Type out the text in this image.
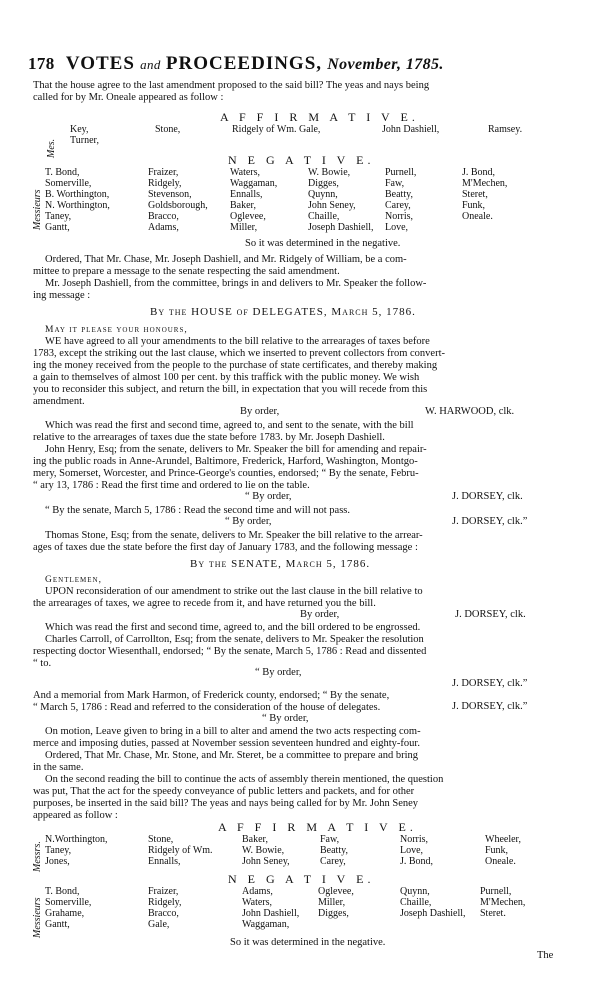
178 VOTES and PROCEEDINGS, November, 1785.
That the house agree to the last amendment proposed to the said bill? The yeas and nays being
called for by Mr. Oneale appeared as follow :
A F F I R M A T I V E.
Mes.
Key,	Stone,	Ridgely of Wm. Gale,	John Dashiell,	Ramsey.
Turner,
N E G A T I V E.
Messieurs
T. Bond,	Fraizer,	Waters,	W. Bowie,	Purnell,	J. Bond,
Somerville,	Ridgely,	Waggaman,	Digges,	Faw,	M'Mechen,
B. Worthington,	Stevenson,	Ennalls,	Quynn,	Beatty,	Steret,
N. Worthington,	Goldsborough, Baker,	John Seney,	Carey,	Funk,
Taney,	Bracco,	Oglevee,	Chaille,	Norris,	Oneale.
Gantt,	Adams,	Miller,	Joseph Dashiell, Love,
So it was determined in the negative.
Ordered, That Mr. Chase, Mr. Joseph Dashiell, and Mr. Ridgely of William, be a com-
mittee to prepare a message to the senate respecting the said amendment.
Mr. Joseph Dashiell, from the committee, brings in and delivers to Mr. Speaker the follow-
ing message :
By the HOUSE of DELEGATES, March 5, 1786.
May it please your honours,
WE have agreed to all your amendments to the bill relative to the arrearages of taxes before
1783, except the striking out the last clause, which we inserted to prevent collectors from convert-
ing the money received from the people to the purchase of state certificates, and thereby making
a gain to themselves of almost 100 per cent. by this traffick with the public money. We wish
you to reconsider this subject, and return the bill, in expectation that you will recede from this
amendment.
By order,	W. HARWOOD, clk.
Which was read the first and second time, agreed to, and sent to the senate, with the bill
relative to the arrearages of taxes due the state before 1783. by Mr. Joseph Dashiell.
John Henry, Esq; from the senate, delivers to Mr. Speaker the bill for amending and repair-
ing the public roads in Anne-Arundel, Baltimore, Frederick, Harford, Washington, Montgo-
mery, Somerset, Worcester, and Prince-George's counties, endorsed; “ By the senate, Febru-
“ ary 13, 1786 : Read the first time and ordered to lie on the table.
“ By order,	J. DORSEY, clk.
“ By the senate, March 5, 1786 : Read the second time and will not pass.
“ By order,	J. DORSEY, clk.”
Thomas Stone, Esq; from the senate, delivers to Mr. Speaker the bill relative to the arrear-
ages of taxes due the state before the first day of January 1783, and the following message :
By the SENATE, March 5, 1786.
Gentlemen,
UPON reconsideration of our amendment to strike out the last clause in the bill relative to
the arrearages of taxes, we agree to recede from it, and have returned you the bill.
By order,	J. DORSEY, clk.
Which was read the first and second time, agreed to, and the bill ordered to be engrossed.
Charles Carroll, of Carrollton, Esq; from the senate, delivers to Mr. Speaker the resolution
respecting doctor Wiesenthall, endorsed; “ By the senate, March 5, 1786 : Read and dissented
“ to.
“ By order,
J. DORSEY, clk.”
And a memorial from Mark Harmon, of Frederick county, endorsed; “ By the senate,
“ March 5, 1786 : Read and referred to the consideration of the house of delegates.	J. DORSEY, clk.”
“ By order,
On motion, Leave given to bring in a bill to alter and amend the two acts respecting com-
merce and imposing duties, passed at November session seventeen hundred and eighty-four.
Ordered, That Mr. Chase, Mr. Stone, and Mr. Steret, be a committee to prepare and bring
in the same.
On the second reading the bill to continue the acts of assembly therein mentioned, the question
was put, That the act for the speedy conveyance of public letters and packets, and for other
purposes, be inserted in the said bill? The yeas and nays being called for by Mr. John Seney
appeared as follow :
A F F I R M A T I V E.
Messrs.
N.Worthington,	Stone,	Baker,	Faw,	Norris,	Wheeler,
Taney,	Ridgely of Wm.	W. Bowie,	Beatty,	Love,	Funk,
Jones,	Ennalls,	John Seney,	Carey,	J. Bond,	Oneale.
N E G A T I V E.
Messieurs
T. Bond,	Fraizer,	Adams,	Oglevee,	Quynn,	Purnell,
Somerville,	Ridgely,	Waters,	Miller,	Chaille,	M'Mechen,
Grahame,	Bracco,	John Dashiell, Digges,	Joseph Dashiell, Steret.
Gantt,	Gale,	Waggaman,
So it was determined in the negative.
The
